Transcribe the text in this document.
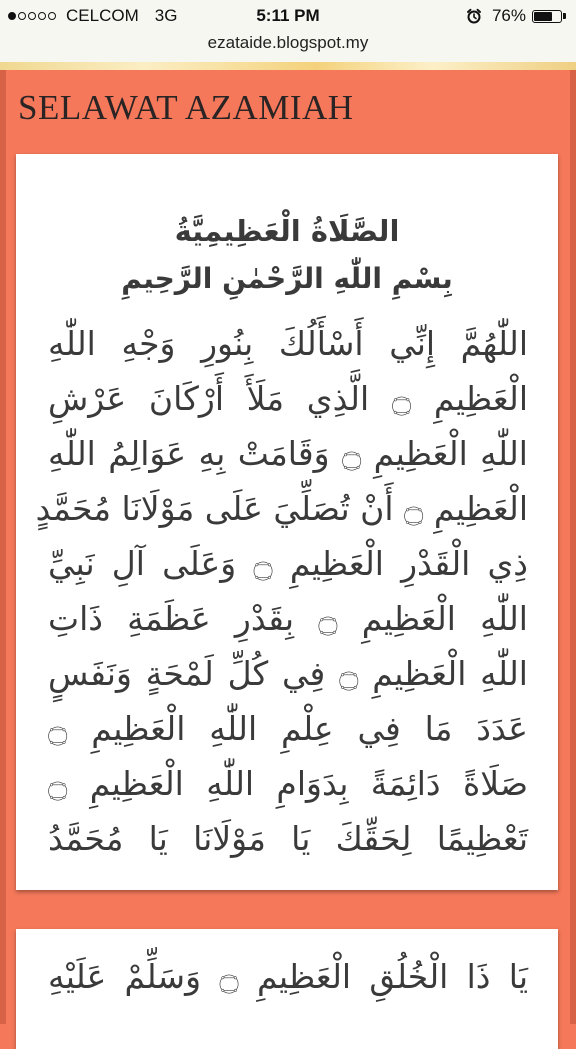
CELCOM 3G	5:11 PM	76%
ezataide.blogspot.my
SELAWAT AZAMIAH
الصَّلَاةُ الْعَظِيمِيَّةُ
بِسْمِ اللّٰهِ الرَّحْمٰنِ الرَّحِيمِ
اللّٰهُمَّ إِنِّي أَسْأَلُكَ بِنُورِ وَجْهِ اللّٰهِ
الْعَظِيمِ ۝ الَّذِي مَلَأَ أَرْكَانَ عَرْشِ
اللّٰهِ الْعَظِيمِ ۝ وَقَامَتْ بِهِ عَوَالِمُ اللّٰهِ
الْعَظِيمِ ۝ أَنْ تُصَلِّيَ عَلَى مَوْلَانَا مُحَمَّدٍ
ذِي الْقَدْرِ الْعَظِيمِ ۝ وَعَلَى آلِ نَبِيِّ
اللّٰهِ الْعَظِيمِ ۝ بِقَدْرِ عَظَمَةِ ذَاتِ
اللّٰهِ الْعَظِيمِ ۝ فِي كُلِّ لَمْحَةٍ وَنَفَسٍ
عَدَدَ مَا فِي عِلْمِ اللّٰهِ الْعَظِيمِ ۝
صَلَاةً دَائِمَةً بِدَوَامِ اللّٰهِ الْعَظِيمِ ۝
تَعْظِيمًا لِحَقِّكَ يَا مَوْلَانَا يَا مُحَمَّدُ
يَا ذَا الْخُلُقِ الْعَظِيمِ ۝ وَسَلِّمْ عَلَيْهِ
